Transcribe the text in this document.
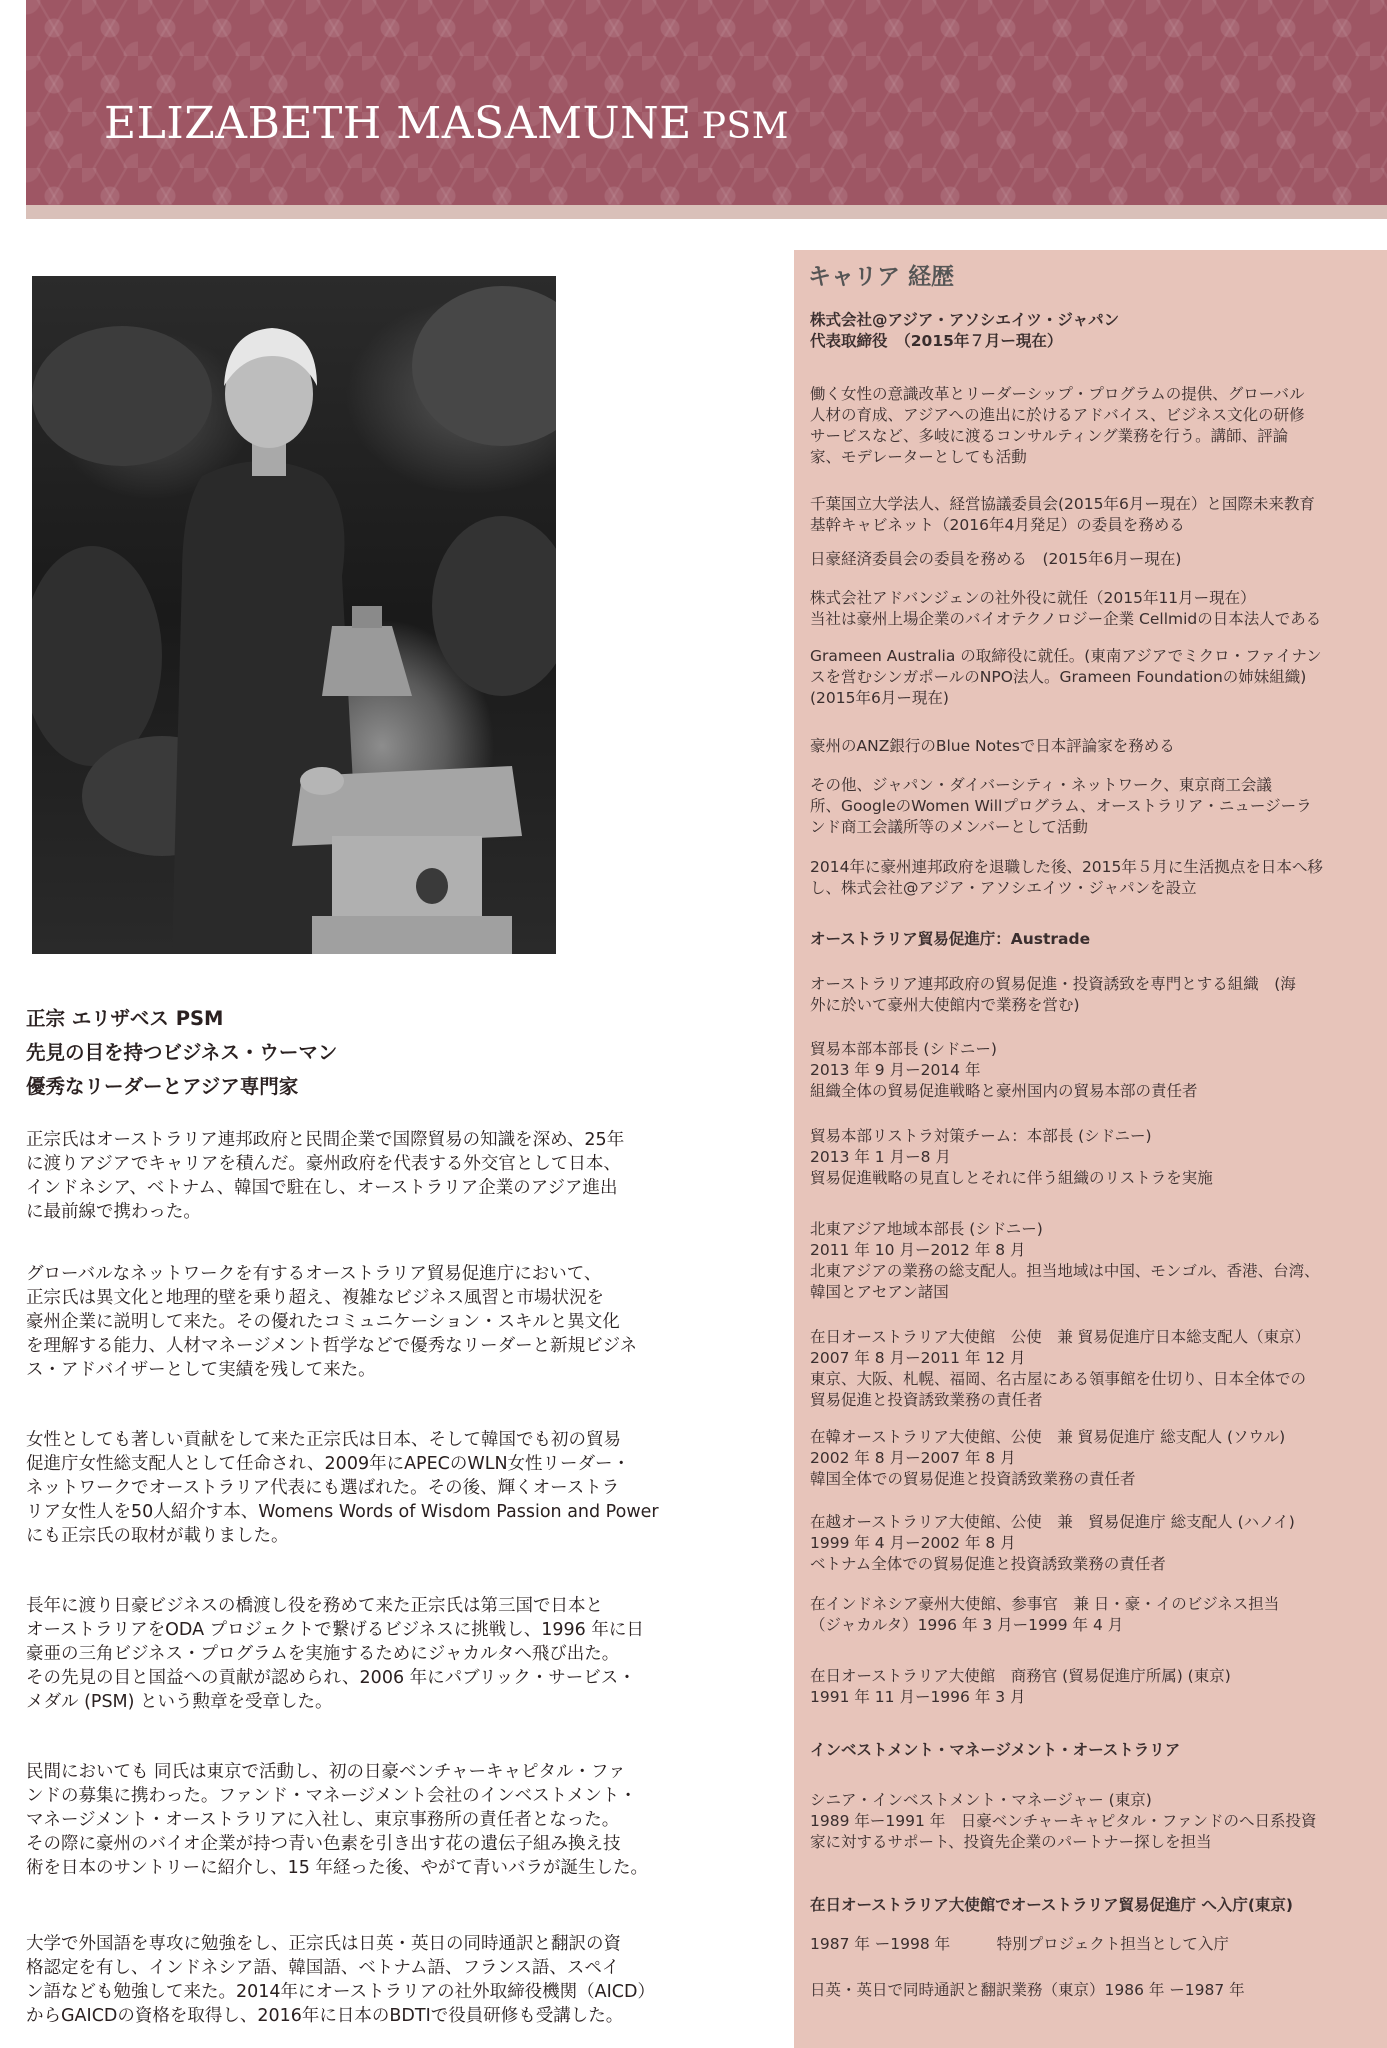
ELIZABETH MASAMUNE PSM
正宗 エリザベス PSM
先見の目を持つビジネス・ウーマン
優秀なリーダーとアジア専門家
正宗氏はオーストラリア連邦政府と民間企業で国際貿易の知識を深め、25年
に渡りアジアでキャリアを積んだ。豪州政府を代表する外交官として日本、
インドネシア、ベトナム、韓国で駐在し、オーストラリア企業のアジア進出
に最前線で携わった。
グローバルなネットワークを有するオーストラリア貿易促進庁において、
正宗氏は異文化と地理的壁を乗り超え、複雑なビジネス風習と市場状況を
豪州企業に説明して来た。その優れたコミュニケーション・スキルと異文化
を理解する能力、人材マネージメント哲学などで優秀なリーダーと新規ビジネ
ス・アドバイザーとして実績を残して来た。
女性としても著しい貢献をして来た正宗氏は日本、そして韓国でも初の貿易
促進庁女性総支配人として任命され、2009年にAPECのWLN女性リーダー・
ネットワークでオーストラリア代表にも選ばれた。その後、輝くオーストラ
リア女性人を50人紹介す本、Womens Words of Wisdom Passion and Power
にも正宗氏の取材が載りました。
長年に渡り日豪ビジネスの橋渡し役を務めて来た正宗氏は第三国で日本と
オーストラリアをODA プロジェクトで繋げるビジネスに挑戦し、1996 年に日
豪亜の三角ビジネス・プログラムを実施するためにジャカルタへ飛び出た。
その先見の目と国益への貢献が認められ、2006 年にパブリック・サービス・
メダル (PSM) という勲章を受章した。
民間においても 同氏は東京で活動し、初の日豪ベンチャーキャピタル・ファ
ンドの募集に携わった。ファンド・マネージメント会社のインベストメント・
マネージメント・オーストラリアに入社し、東京事務所の責任者となった。
その際に豪州のバイオ企業が持つ青い色素を引き出す花の遺伝子組み換え技
術を日本のサントリーに紹介し、15 年経った後、やがて青いバラが誕生した。
大学で外国語を専攻に勉強をし、正宗氏は日英・英日の同時通訳と翻訳の資
格認定を有し、インドネシア語、韓国語、ベトナム語、フランス語、スペイ
ン語なども勉強して来た。2014年にオーストラリアの社外取締役機関（AICD）
からGAICDの資格を取得し、2016年に日本のBDTIで役員研修も受講した。
キャリア 経歴
株式会社@アジア・アソシエイツ・ジャパン
代表取締役　（2015年７月ー現在）
働く女性の意識改革とリーダーシップ・プログラムの提供、グローバル
人材の育成、アジアへの進出に於けるアドバイス、ビジネス文化の研修
サービスなど、多岐に渡るコンサルティング業務を行う。講師、評論
家、モデレーターとしても活動
千葉国立大学法人、経営協議委員会(2015年6月ー現在）と国際未来教育
基幹キャビネット（2016年4月発足）の委員を務める
日豪経済委員会の委員を務める　(2015年6月ー現在)
株式会社アドバンジェンの社外役に就任（2015年11月ー現在）
当社は豪州上場企業のバイオテクノロジー企業 Cellmidの日本法人である
Grameen Australia の取締役に就任。(東南アジアでミクロ・ファイナン
スを営むシンガポールのNPO法人。Grameen Foundationの姉妹組織)
(2015年6月ー現在)
豪州のANZ銀行のBlue Notesで日本評論家を務める
その他、ジャパン・ダイバーシティ・ネットワーク、東京商工会議
所、GoogleのWomen Willプログラム、オーストラリア・ニュージーラ
ンド商工会議所等のメンバーとして活動
2014年に豪州連邦政府を退職した後、2015年５月に生活拠点を日本へ移
し、株式会社@アジア・アソシエイツ・ジャパンを設立
オーストラリア貿易促進庁：Austrade
オーストラリア連邦政府の貿易促進・投資誘致を専門とする組織　(海
外に於いて豪州大使館内で業務を営む)
貿易本部本部長 (シドニー)
2013 年 9 月ー2014 年
組織全体の貿易促進戦略と豪州国内の貿易本部の責任者
貿易本部リストラ対策チーム：本部長 (シドニー)
2013 年 1 月ー8 月
貿易促進戦略の見直しとそれに伴う組織のリストラを実施
北東アジア地域本部長 (シドニー)
2011 年 10 月ー2012 年 8 月
北東アジアの業務の総支配人。担当地域は中国、モンゴル、香港、台湾、
韓国とアセアン諸国
在日オーストラリア大使館　公使　兼 貿易促進庁日本総支配人（東京）
2007 年 8 月ー2011 年 12 月
東京、大阪、札幌、福岡、名古屋にある領事館を仕切り、日本全体での
貿易促進と投資誘致業務の責任者
在韓オーストラリア大使館、公使　兼 貿易促進庁 総支配人 (ソウル)
2002 年 8 月ー2007 年 8 月
韓国全体での貿易促進と投資誘致業務の責任者
在越オーストラリア大使館、公使　兼　貿易促進庁 総支配人 (ハノイ)
1999 年 4 月ー2002 年 8 月
ベトナム全体での貿易促進と投資誘致業務の責任者
在インドネシア豪州大使館、参事官　兼 日・豪・イのビジネス担当
（ジャカルタ）1996 年 3 月ー1999 年 4 月
在日オーストラリア大使館　商務官 (貿易促進庁所属) (東京)
1991 年 11 月ー1996 年 3 月
インベストメント・マネージメント・オーストラリア
シニア・インベストメント・マネージャー (東京)
1989 年ー1991 年　日豪ベンチャーキャピタル・ファンドのへ日系投資
家に対するサポート、投資先企業のパートナー探しを担当
在日オーストラリア大使館でオーストラリア貿易促進庁 へ入庁(東京)
1987 年 ー1998 年　　　特別プロジェクト担当として入庁
日英・英日で同時通訳と翻訳業務（東京）1986 年 ー1987 年
